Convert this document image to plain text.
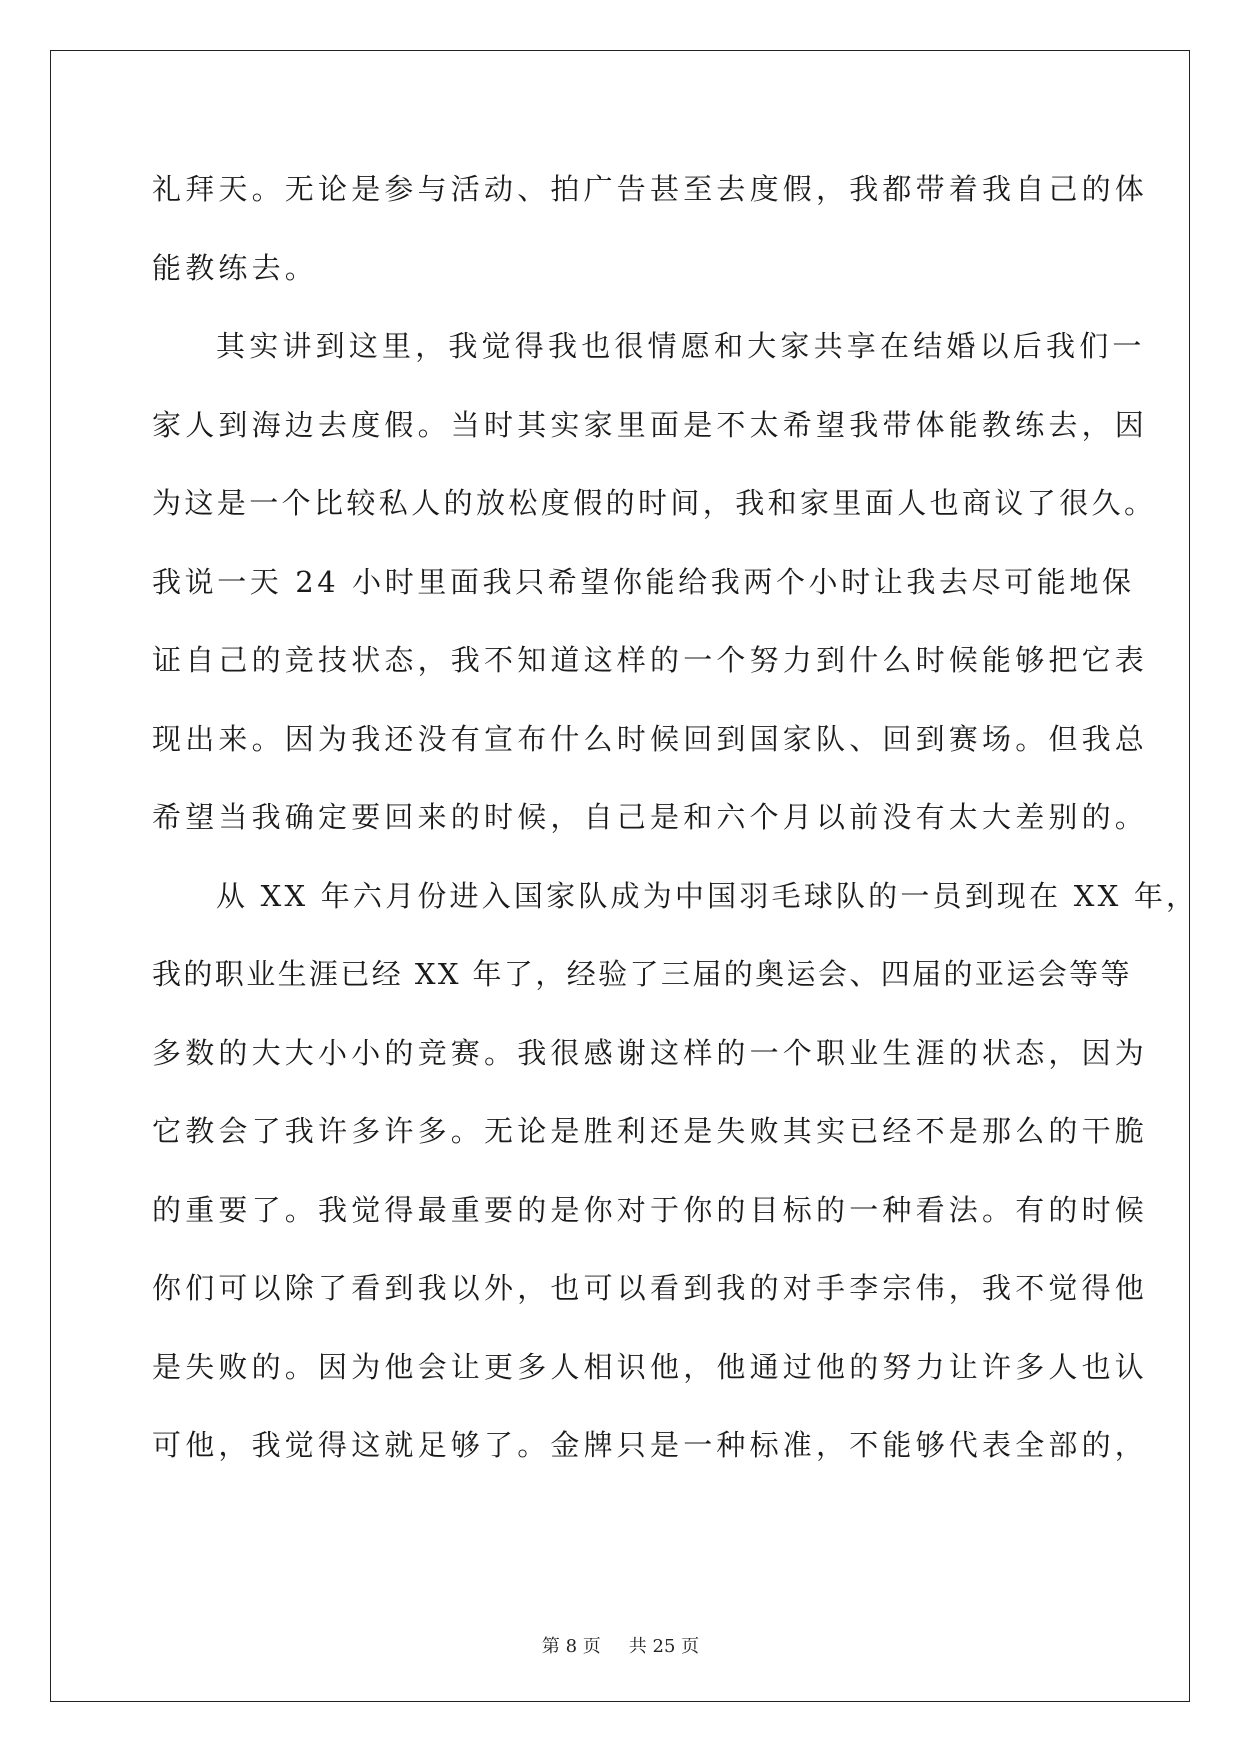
礼拜天。无论是参与活动、拍广告甚至去度假，我都带着我自己的体
能教练去。
其实讲到这里，我觉得我也很情愿和大家共享在结婚以后我们一
家人到海边去度假。当时其实家里面是不太希望我带体能教练去，因
为这是一个比较私人的放松度假的时间，我和家里面人也商议了很久。
我说一天 24 小时里面我只希望你能给我两个小时让我去尽可能地保
证自己的竞技状态，我不知道这样的一个努力到什么时候能够把它表
现出来。因为我还没有宣布什么时候回到国家队、回到赛场。但我总
希望当我确定要回来的时候，自己是和六个月以前没有太大差别的。
从 XX 年六月份进入国家队成为中国羽毛球队的一员到现在 XX 年，
我的职业生涯已经 XX 年了，经验了三届的奥运会、四届的亚运会等等
多数的大大小小的竞赛。我很感谢这样的一个职业生涯的状态，因为
它教会了我许多许多。无论是胜利还是失败其实已经不是那么的干脆
的重要了。我觉得最重要的是你对于你的目标的一种看法。有的时候
你们可以除了看到我以外，也可以看到我的对手李宗伟，我不觉得他
是失败的。因为他会让更多人相识他，他通过他的努力让许多人也认
可他，我觉得这就足够了。金牌只是一种标准，不能够代表全部的，
第 8 页 共 25 页
